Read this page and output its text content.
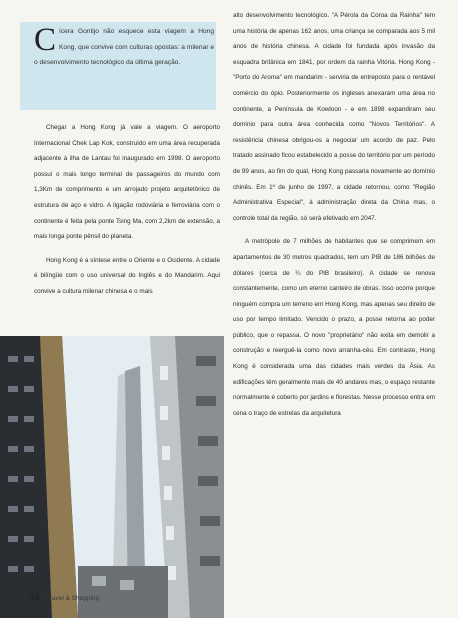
C ícera Gontijo não esquece esta viagem a Hong Kong, que convive com culturas opostas: a milenar e o desenvolvimento tecnológico da última geração.

Chegar a Hong Kong já vale a viagem. O aeroporto Internacional Chek Lap Kok, construído em uma área recuperada adjacente à ilha de Lantau foi inaugurado em 1998. O aeroporto possui o mais longo terminal de passageiros do mundo com 1,3Km de comprimento e um arrojado projeto arquitetônico de estrutura de aço e vidro. A ligação rodoviária e ferroviária com o continente é feita pela ponte Tsing Ma, com 2,2km de extensão, a mais longa ponte pênsil do planeta.

Hong Kong é a síntese entre o Oriente e o Ocidente. A cidade é bilíngüe com o uso universal do Inglês e do Mandarim. Aqui convive a cultura milenar chinesa e o mais

alto desenvolvimento tecnológico. "A Pérola da Coroa da Rainha" tem uma história de apenas 162 anos, uma criança se comparada aos 5 mil anos de história chinesa. A cidade foi fundada após invasão da esquadra britânica em 1841, por ordem da rainha Vitória. Hong Kong - "Porto do Aroma" em mandarim - serviria de entreposto para o rentável comércio do ópio. Posteriormente os ingleses anexaram uma área no continente, a Península de Kowloon - e em 1898 expandiram seu domínio para outra área conhecida como "Novos Territórios". A resistência chinesa obrigou-os a negociar um acordo de paz. Pelo tratado assinado ficou estabelecido a posse do território por um período de 99 anos, ao fim do qual, Hong Kong passaria novamente ao domínio chinês. Em 1º de junho de 1997, a cidade retornou, como "Região Administrativa Especial", à administração direta da China mas, o controle total da região, só será efetivado em 2047.

A metrópole de 7 milhões de habitantes que se comprimem em apartamentos de 30 metros quadrados, tem um PIB de 186 bilhões de dólares (cerca de ¼ do PIB brasileiro). A cidade se renova constantemente, como um eterno canteiro de obras. Isso ocorre porque ninguém compra um terreno em Hong Kong, mas apenas seu direito de uso por tempo limitado. Vencido o prazo, a posse retorna ao poder público, que o repassa. O novo "proprietário" não exita em demolir a construção e reerguê-la como novo arranha-céu. Em contraste, Hong Kong é considerada uma das cidades mais verdes da Ásia. As edificações têm geralmente mais de 40 andares mas, o espaço restante normalmente é coberto por jardins e florestas. Nesse processo entra em cena o traço de estrelas da arquitetura

16 Travel & Shopping
